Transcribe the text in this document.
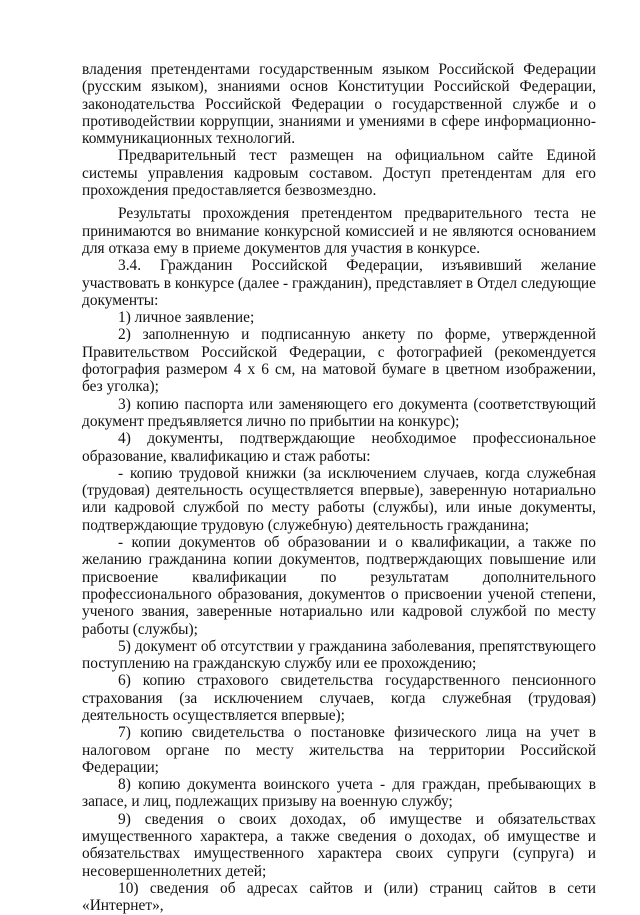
владения претендентами государственным языком Российской Федерации (русским языком), знаниями основ Конституции Российской Федерации, законодательства Российской Федерации о государственной службе и о противодействии коррупции, знаниями и умениями в сфере информационно-коммуникационных технологий.

Предварительный тест размещен на официальном сайте Единой системы управления кадровым составом. Доступ претендентам для его прохождения предоставляется безвозмездно.

Результаты прохождения претендентом предварительного теста не принимаются во внимание конкурсной комиссией и не являются основанием для отказа ему в приеме документов для участия в конкурсе.

3.4. Гражданин Российской Федерации, изъявивший желание участвовать в конкурсе (далее - гражданин), представляет в Отдел следующие документы:

1) личное заявление;

2) заполненную и подписанную анкету по форме, утвержденной Правительством Российской Федерации, с фотографией (рекомендуется фотография размером 4 х 6 см, на матовой бумаге в цветном изображении, без уголка);

3) копию паспорта или заменяющего его документа (соответствующий документ предъявляется лично по прибытии на конкурс);

4) документы, подтверждающие необходимое профессиональное образование, квалификацию и стаж работы:

- копию трудовой книжки (за исключением случаев, когда служебная (трудовая) деятельность осуществляется впервые), заверенную нотариально или кадровой службой по месту работы (службы), или иные документы, подтверждающие трудовую (служебную) деятельность гражданина;

- копии документов об образовании и о квалификации, а также по желанию гражданина копии документов, подтверждающих повышение или присвоение квалификации по результатам дополнительного профессионального образования, документов о присвоении ученой степени, ученого звания, заверенные нотариально или кадровой службой по месту работы (службы);

5) документ об отсутствии у гражданина заболевания, препятствующего поступлению на гражданскую службу или ее прохождению;

6) копию страхового свидетельства государственного пенсионного страхования (за исключением случаев, когда служебная (трудовая) деятельность осуществляется впервые);

7) копию свидетельства о постановке физического лица на учет в налоговом органе по месту жительства на территории Российской Федерации;

8) копию документа воинского учета - для граждан, пребывающих в запасе, и лиц, подлежащих призыву на военную службу;

9) сведения о своих доходах, об имуществе и обязательствах имущественного характера, а также сведения о доходах, об имуществе и обязательствах имущественного характера своих супруги (супруга) и несовершеннолетних детей;

10) сведения об адресах сайтов и (или) страниц сайтов в сети «Интернет»,
